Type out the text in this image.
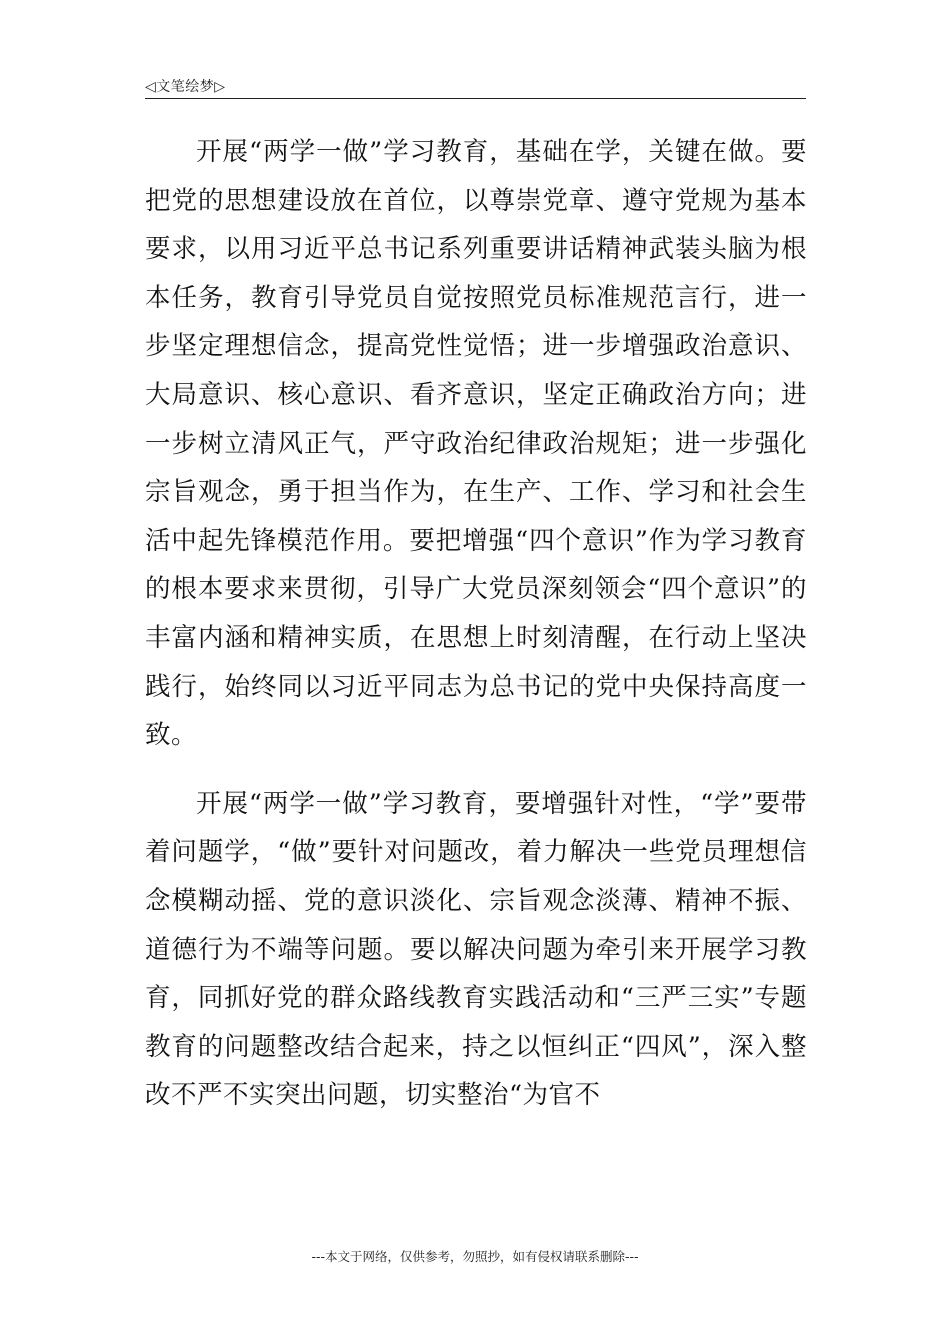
◁文笔绘梦▷

开展“两学一做”学习教育，基础在学，关键在做。要把党的思想建设放在首位，以尊崇党章、遵守党规为基本要求，以用习近平总书记系列重要讲话精神武装头脑为根本任务，教育引导党员自觉按照党员标准规范言行，进一步坚定理想信念，提高党性觉悟；进一步增强政治意识、大局意识、核心意识、看齐意识，坚定正确政治方向；进一步树立清风正气，严守政治纪律政治规矩；进一步强化宗旨观念，勇于担当作为，在生产、工作、学习和社会生活中起先锋模范作用。要把增强“四个意识”作为学习教育的根本要求来贯彻，引导广大党员深刻领会“四个意识”的丰富内涵和精神实质，在思想上时刻清醒，在行动上坚决践行，始终同以习近平同志为总书记的党中央保持高度一致。

开展“两学一做”学习教育，要增强针对性，“学”要带着问题学，“做”要针对问题改，着力解决一些党员理想信念模糊动摇、党的意识淡化、宗旨观念淡薄、精神不振、道德行为不端等问题。要以解决问题为牵引来开展学习教育，同抓好党的群众路线教育实践活动和“三严三实”专题教育的问题整改结合起来，持之以恒纠正“四风”，深入整改不严不实突出问题，切实整治“为官不

---本文于网络，仅供参考，勿照抄，如有侵权请联系删除---
